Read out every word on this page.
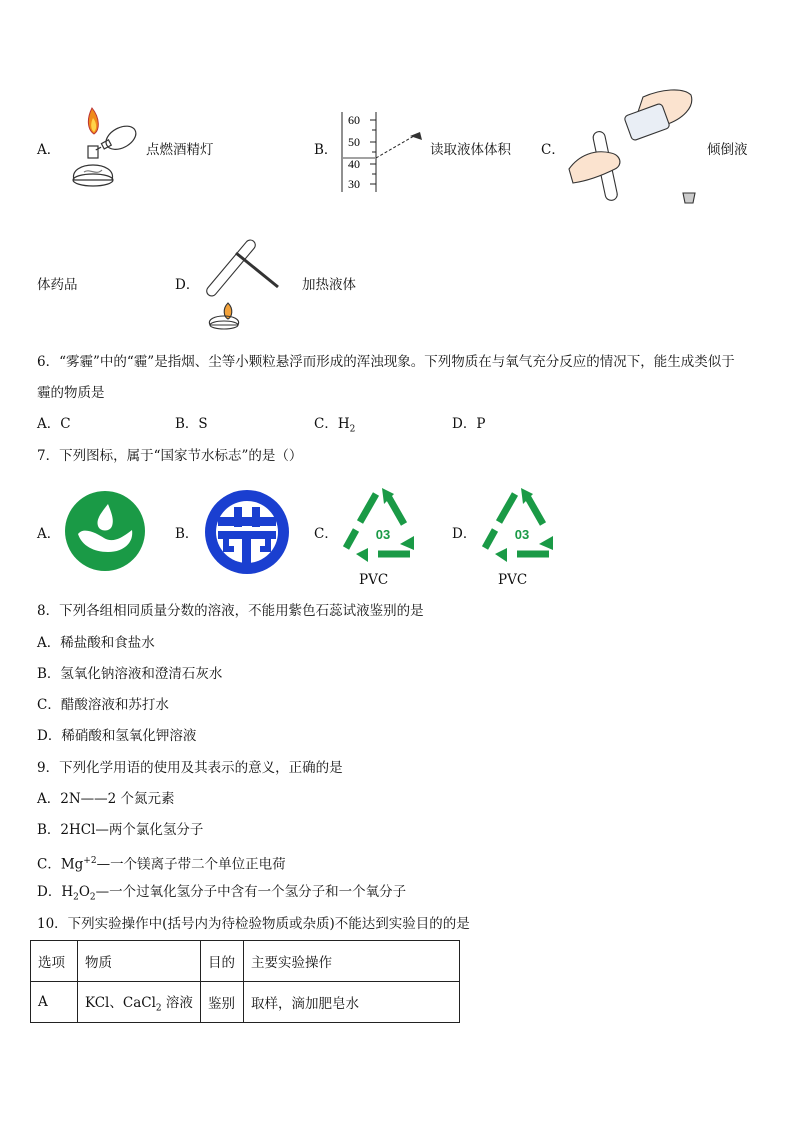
A．	点燃酒精灯	B．
60
50
40
30
读取液体体积 C．	倾倒液
体药品	D．	加热液体
6．“雾霾”中的“霾”是指烟、尘等小颗粒悬浮而形成的浑浊现象。下列物质在与氧气充分反应的情况下，能生成类似于
霾的物质是
A．C	B．S	C．$H_2$	D．P
7．下列图标，属于“国家节水标志”的是（）
A．	B．	C．	03
PVC
D．	03
PVC
8．下列各组相同质量分数的溶液，不能用紫色石蕊试液鉴别的是
A．稀盐酸和食盐水
B．氢氧化钠溶液和澄清石灰水
C．醋酸溶液和苏打水
D．稀硝酸和氢氧化钾溶液
9．下列化学用语的使用及其表示的意义，正确的是
A．2N——2 个氮元素
B．2HCl—两个氯化氢分子
C．$Mg^{+2}—$一个镁离子带二个单位正电荷
D．$H_2O_2—$一个过氧化氢分子中含有一个氢分子和一个氧分子
10．下列实验操作中(括号内为待检验物质或杂质)不能达到实验目的的是
选项	物质	目的	主要实验操作
A	KCl、CaCl$_2$ 溶液	鉴别	取样，滴加肥皂水
